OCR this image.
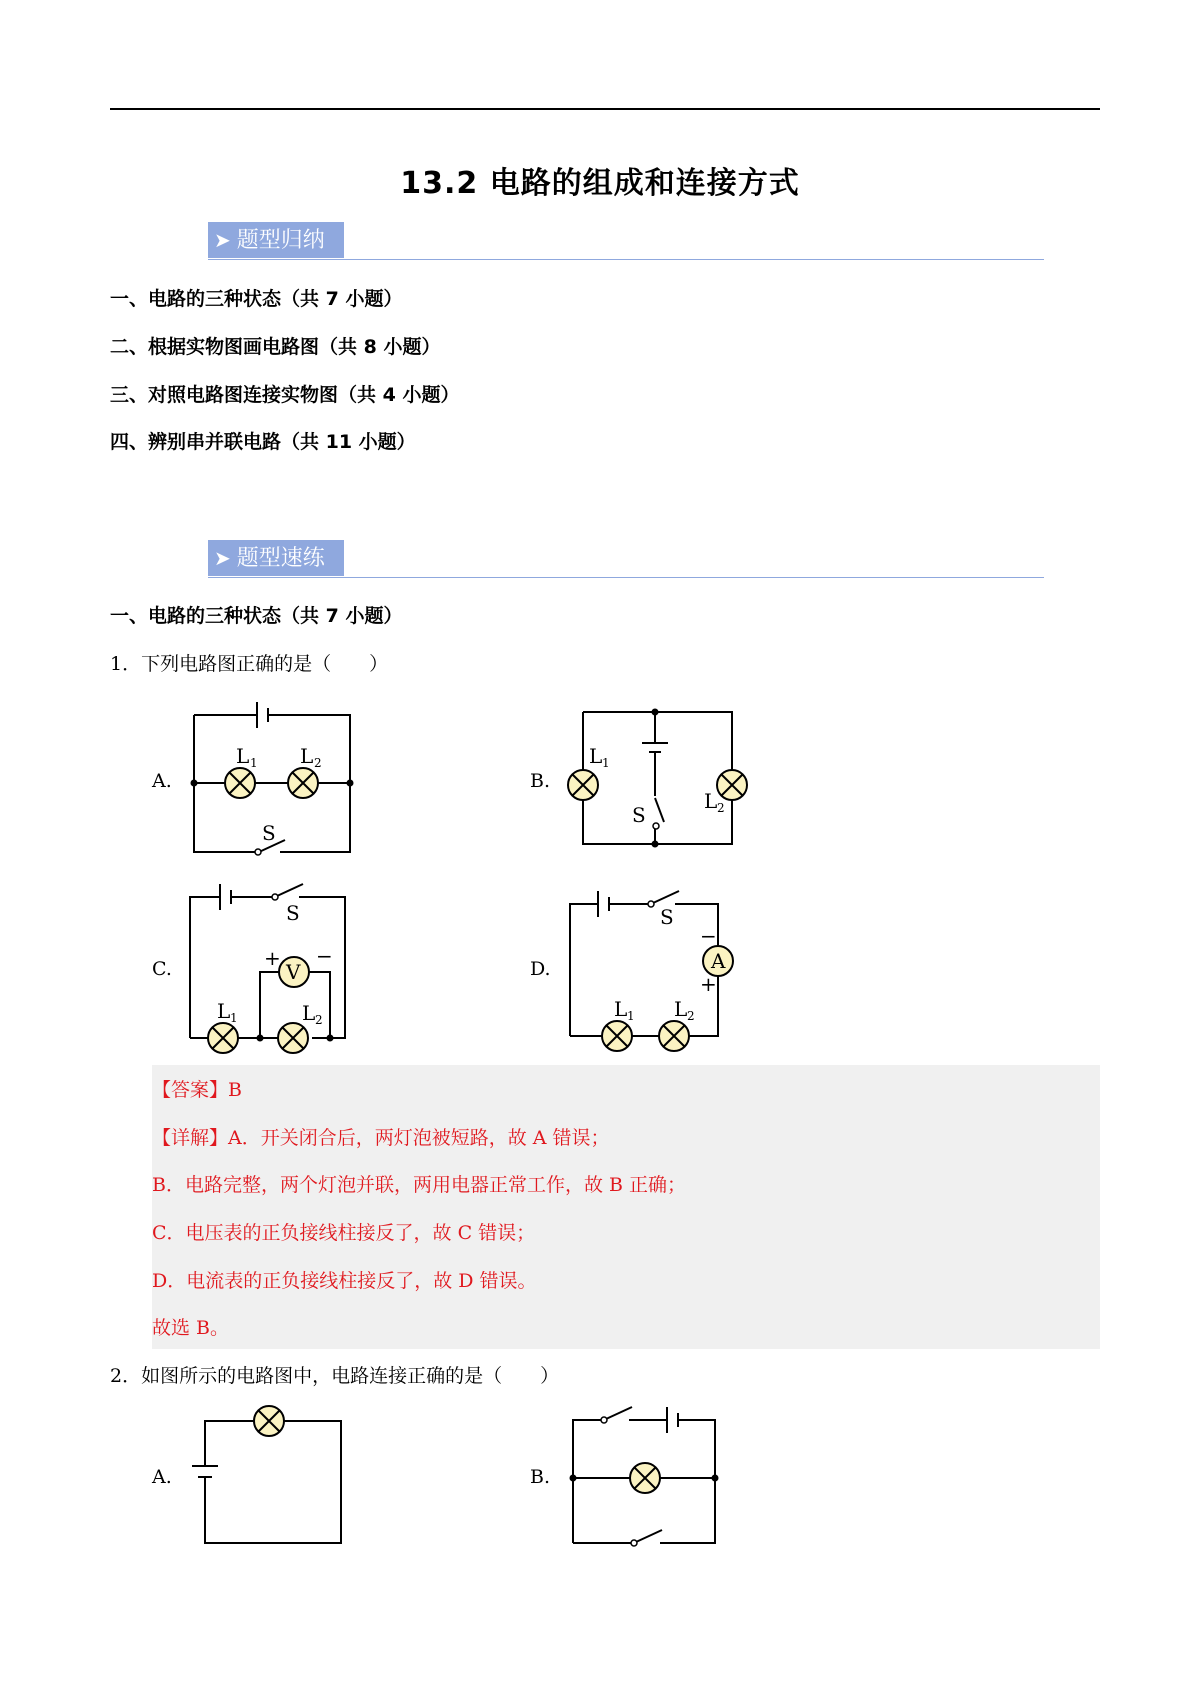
13.2 电路的组成和连接方式
➤ 题型归纳
一、电路的三种状态（共 7 小题）
二、根据实物图画电路图（共 8 小题）
三、对照电路图连接实物图（共 4 小题）
四、辨别串并联电路（共 11 小题）
➤ 题型速练
一、电路的三种状态（共 7 小题）
1．下列电路图正确的是（　　）
A.
L 1 L 2
S
B.
L 1
L 2
S
C.	V
+ −
S
L 1	L 2
D.	A
−
+
S
L 1 L 2
【答案】B
【详解】A．开关闭合后，两灯泡被短路，故 A 错误；
B．电路完整，两个灯泡并联，两用电器正常工作，故 B 正确；
C．电压表的正负接线柱接反了，故 C 错误；
D．电流表的正负接线柱接反了，故 D 错误。
故选 B。
2．如图所示的电路图中，电路连接正确的是（　　）
A.	B.
